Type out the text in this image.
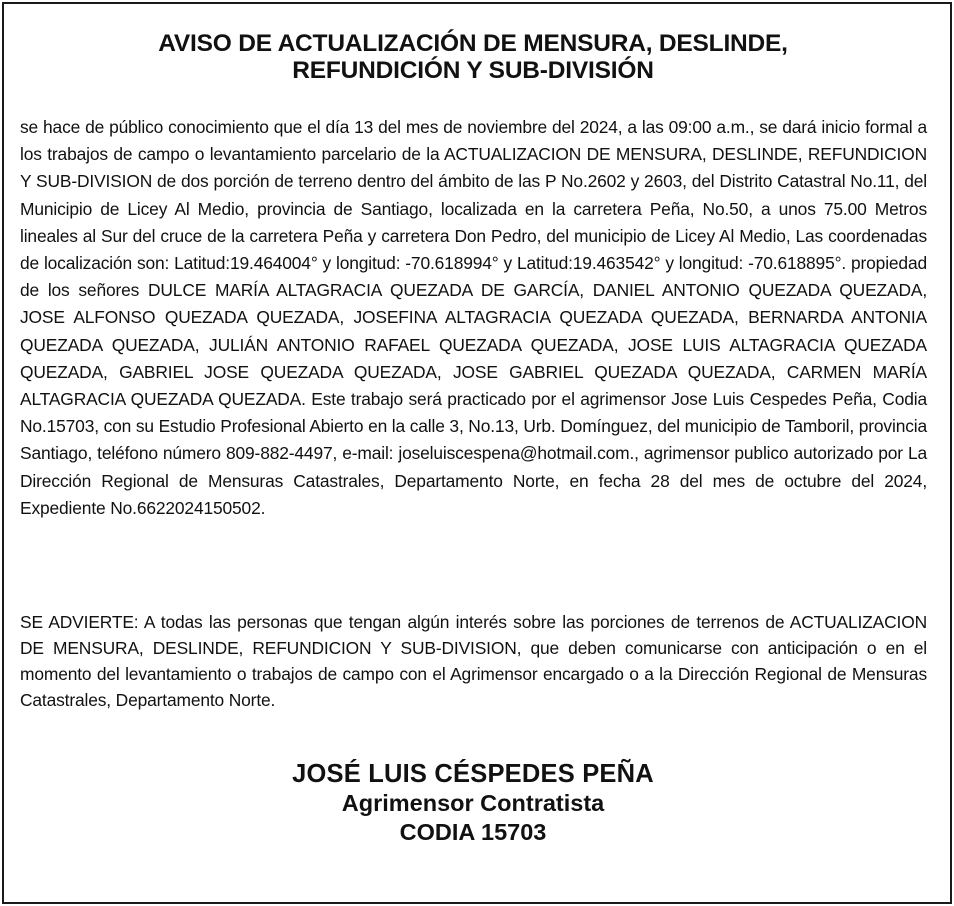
AVISO DE ACTUALIZACIÓN DE MENSURA, DESLINDE,
REFUNDICIÓN Y SUB-DIVISIÓN

se hace de público conocimiento que el día 13 del mes de noviembre del 2024, a las 09:00 a.m., se dará inicio formal a los trabajos de campo o levantamiento parcelario de la ACTUALIZACION DE MENSURA, DESLINDE, REFUNDICION Y SUB-DIVISION de dos porción de terreno dentro del ámbito de las P No.2602 y 2603, del Distrito Catastral No.11, del Municipio de Licey Al Medio, provincia de Santiago, localizada en la carretera Peña, No.50, a unos 75.00 Metros lineales al Sur del cruce de la carretera Peña y carretera Don Pedro, del municipio de Licey Al Medio, Las coordenadas de localización son: Latitud:19.464004° y longitud: -70.618994° y Latitud:19.463542° y longitud: -70.618895°. propiedad de los señores DULCE MARÍA ALTAGRACIA QUEZADA DE GARCÍA, DANIEL ANTONIO QUEZADA QUEZADA, JOSE ALFONSO QUEZADA QUEZADA, JOSEFINA ALTAGRACIA QUEZADA QUEZADA, BERNARDA ANTONIA QUEZADA QUEZADA, JULIÁN ANTONIO RAFAEL QUEZADA QUEZADA, JOSE LUIS ALTAGRACIA QUEZADA QUEZADA, GABRIEL JOSE QUEZADA QUEZADA, JOSE GABRIEL QUEZADA QUEZADA, CARMEN MARÍA ALTAGRACIA QUEZADA QUEZADA. Este trabajo será practicado por el agrimensor Jose Luis Cespedes Peña, Codia No.15703, con su Estudio Profesional Abierto en la calle 3, No.13, Urb. Domínguez, del municipio de Tamboril, provincia Santiago, teléfono número 809-882-4497, e-mail: joseluiscespena@hotmail.com., agrimensor publico autorizado por La Dirección Regional de Mensuras Catastrales, Departamento Norte, en fecha 28 del mes de octubre del 2024, Expediente No.6622024150502.

SE ADVIERTE: A todas las personas que tengan algún interés sobre las porciones de terrenos de ACTUALIZACION DE MENSURA, DESLINDE, REFUNDICION Y SUB-DIVISION, que deben comunicarse con anticipación o en el momento del levantamiento o trabajos de campo con el Agrimensor encargado o a la Dirección Regional de Mensuras Catastrales, Departamento Norte.

JOSÉ LUIS CÉSPEDES PEÑA
Agrimensor Contratista
CODIA 15703
